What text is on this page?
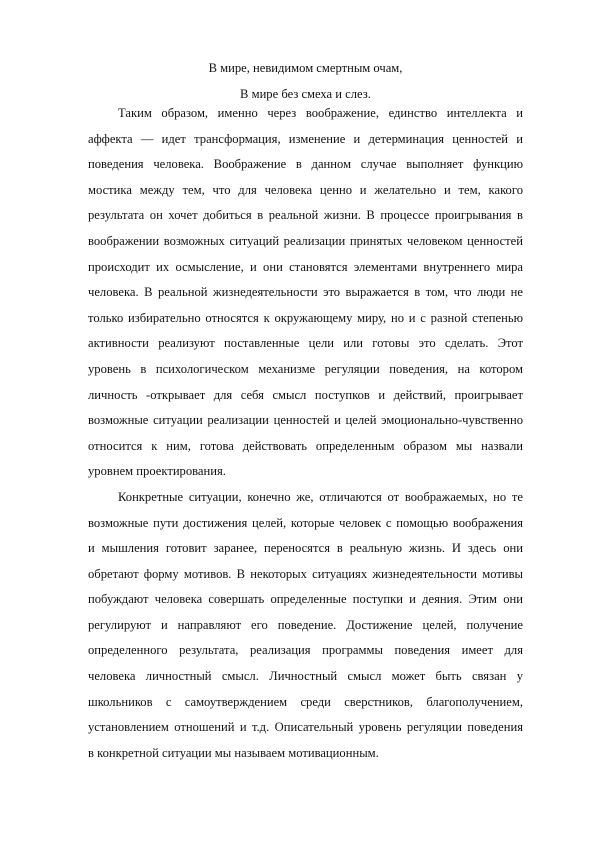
В мире, невидимом смертным очам,
В мире без смеха и слез.
Таким образом, именно через воображение, единство интеллекта и
аффекта — идет трансформация, изменение и детерминация ценностей и
поведения человека. Воображение в данном случае выполняет функцию
мостика между тем, что для человека ценно и желательно и тем, какого
результата он хочет добиться в реальной жизни. В процессе проигрывания в
воображении возможных ситуаций реализации принятых человеком ценностей
происходит их осмысление, и они становятся элементами внутреннего мира
человека. В реальной жизнедеятельности это выражается в том, что люди не
только избирательно относятся к окружающему миру, но и с разной степенью
активности реализуют поставленные цели или готовы это сделать. Этот
уровень в психологическом механизме регуляции поведения, на котором
личность -открывает для себя смысл поступков и действий, проигрывает
возможные ситуации реализации ценностей и целей эмоционально-чувственно
относится к ним, готова действовать определенным образом мы назвали
уровнем проектирования.
Конкретные ситуации, конечно же, отличаются от воображаемых, но те
возможные пути достижения целей, которые человек с помощью воображения
и мышления готовит заранее, переносятся в реальную жизнь. И здесь они
обретают форму мотивов. В некоторых ситуациях жизнедеятельности мотивы
побуждают человека совершать определенные поступки и деяния. Этим они
регулируют и направляют его поведение. Достижение целей, получение
определенного результата, реализация программы поведения имеет для
человека личностный смысл. Личностный смысл может быть связан у
школьников с самоутверждением среди сверстников, благополучением,
установлением отношений и т.д. Описательный уровень регуляции поведения
в конкретной ситуации мы называем мотивационным.
